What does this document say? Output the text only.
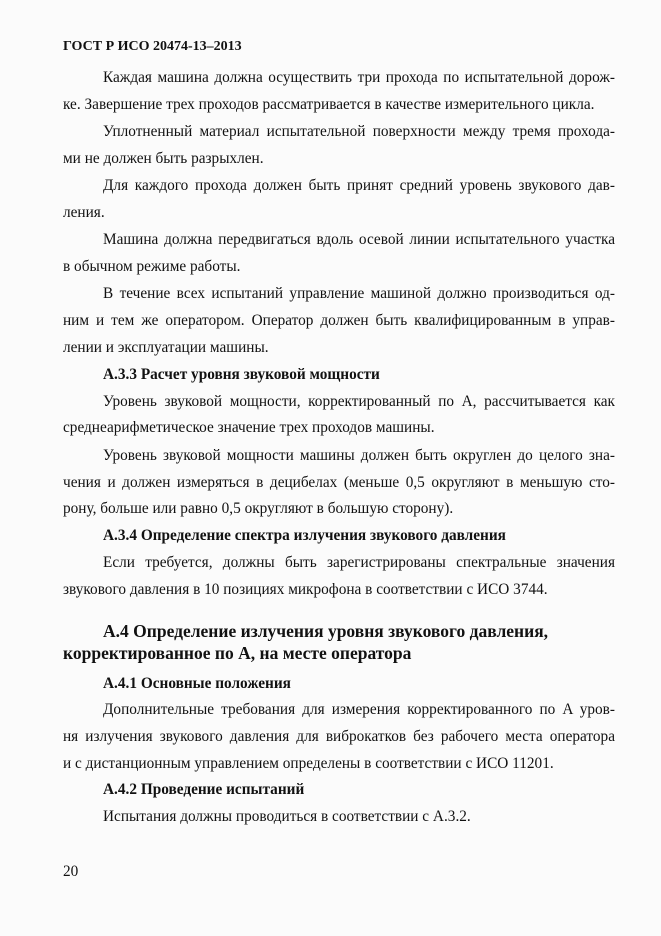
ГОСТ Р ИСО 20474-13–2013
Каждая машина должна осуществить три прохода по испытательной дорож-
ке. Завершение трех проходов рассматривается в качестве измерительного цикла.
Уплотненный материал испытательной поверхности между тремя прохода-
ми не должен быть разрыхлен.
Для каждого прохода должен быть принят средний уровень звукового дав-
ления.
Машина должна передвигаться вдоль осевой линии испытательного участка
в обычном режиме работы.
В течение всех испытаний управление машиной должно производиться од-
ним и тем же оператором. Оператор должен быть квалифицированным в управ-
лении и эксплуатации машины.
А.3.3 Расчет уровня звуковой мощности
Уровень звуковой мощности, корректированный по A, рассчитывается как
среднеарифметическое значение трех проходов машины.
Уровень звуковой мощности машины должен быть округлен до целого зна-
чения и должен измеряться в децибелах (меньше 0,5 округляют в меньшую сто-
рону, больше или равно 0,5 округляют в большую сторону).
А.3.4 Определение спектра излучения звукового давления
Если требуется, должны быть зарегистрированы спектральные значения
звукового давления в 10 позициях микрофона в соответствии с ИСО 3744.
А.4 Определение излучения уровня звукового давления,
корректированное по A, на месте оператора
А.4.1 Основные положения
Дополнительные требования для измерения корректированного по A уров-
ня излучения звукового давления для виброкатков без рабочего места оператора
и с дистанционным управлением определены в соответствии с ИСО 11201.
А.4.2 Проведение испытаний
Испытания должны проводиться в соответствии с А.3.2.
20
